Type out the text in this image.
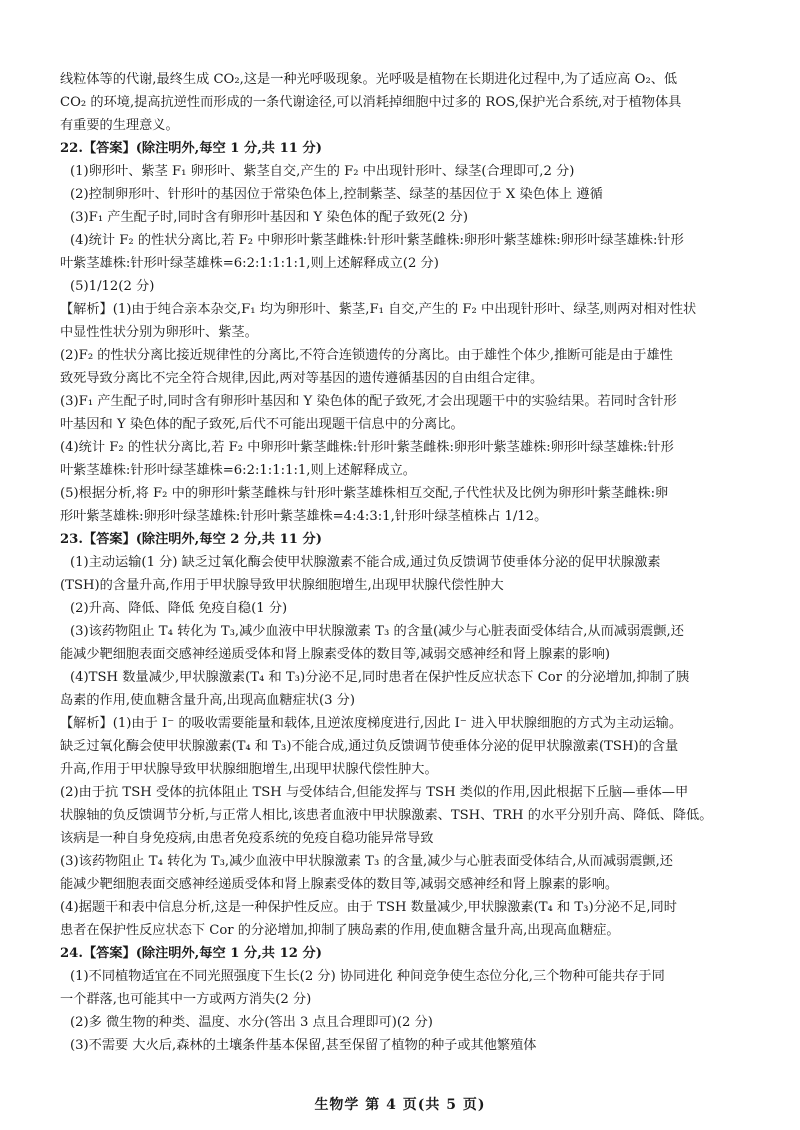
线粒体等的代谢,最终生成 CO₂,这是一种光呼吸现象。光呼吸是植物在长期进化过程中,为了适应高 O₂、低

CO₂ 的环境,提高抗逆性而形成的一条代谢途径,可以消耗掉细胞中过多的 ROS,保护光合系统,对于植物体具

有重要的生理意义。

22.【答案】(除注明外,每空 1 分,共 11 分)

(1)卵形叶、紫茎 F₁ 卵形叶、紫茎自交,产生的 F₂ 中出现针形叶、绿茎(合理即可,2 分)

(2)控制卵形叶、针形叶的基因位于常染色体上,控制紫茎、绿茎的基因位于 X 染色体上 遵循

(3)F₁ 产生配子时,同时含有卵形叶基因和 Y 染色体的配子致死(2 分)

(4)统计 F₂ 的性状分离比,若 F₂ 中卵形叶紫茎雌株:针形叶紫茎雌株:卵形叶紫茎雄株:卵形叶绿茎雄株:针形

叶紫茎雄株:针形叶绿茎雄株=6:2:1:1:1:1,则上述解释成立(2 分)

(5)1/12(2 分)

【解析】(1)由于纯合亲本杂交,F₁ 均为卵形叶、紫茎,F₁ 自交,产生的 F₂ 中出现针形叶、绿茎,则两对相对性状

中显性性状分别为卵形叶、紫茎。

(2)F₂ 的性状分离比接近规律性的分离比,不符合连锁遗传的分离比。由于雄性个体少,推断可能是由于雄性

致死导致分离比不完全符合规律,因此,两对等基因的遗传遵循基因的自由组合定律。

(3)F₁ 产生配子时,同时含有卵形叶基因和 Y 染色体的配子致死,才会出现题干中的实验结果。若同时含针形

叶基因和 Y 染色体的配子致死,后代不可能出现题干信息中的分离比。

(4)统计 F₂ 的性状分离比,若 F₂ 中卵形叶紫茎雌株:针形叶紫茎雌株:卵形叶紫茎雄株:卵形叶绿茎雄株:针形

叶紫茎雄株:针形叶绿茎雄株=6:2:1:1:1:1,则上述解释成立。

(5)根据分析,将 F₂ 中的卵形叶紫茎雌株与针形叶紫茎雄株相互交配,子代性状及比例为卵形叶紫茎雌株:卵

形叶紫茎雄株:卵形叶绿茎雄株:针形叶紫茎雄株=4:4:3:1,针形叶绿茎植株占 1/12。

23.【答案】(除注明外,每空 2 分,共 11 分)

(1)主动运输(1 分) 缺乏过氧化酶会使甲状腺激素不能合成,通过负反馈调节使垂体分泌的促甲状腺激素

(TSH)的含量升高,作用于甲状腺导致甲状腺细胞增生,出现甲状腺代偿性肿大

(2)升高、降低、降低 免疫自稳(1 分)

(3)该药物阻止 T₄ 转化为 T₃,减少血液中甲状腺激素 T₃ 的含量(减少与心脏表面受体结合,从而减弱震颤,还

能减少靶细胞表面交感神经递质受体和肾上腺素受体的数目等,减弱交感神经和肾上腺素的影响)

(4)TSH 数量减少,甲状腺激素(T₄ 和 T₃)分泌不足,同时患者在保护性反应状态下 Cor 的分泌增加,抑制了胰

岛素的作用,使血糖含量升高,出现高血糖症状(3 分)

【解析】(1)由于 I⁻ 的吸收需要能量和载体,且逆浓度梯度进行,因此 I⁻ 进入甲状腺细胞的方式为主动运输。

缺乏过氧化酶会使甲状腺激素(T₄ 和 T₃)不能合成,通过负反馈调节使垂体分泌的促甲状腺激素(TSH)的含量

升高,作用于甲状腺导致甲状腺细胞增生,出现甲状腺代偿性肿大。

(2)由于抗 TSH 受体的抗体阻止 TSH 与受体结合,但能发挥与 TSH 类似的作用,因此根据下丘脑—垂体—甲

状腺轴的负反馈调节分析,与正常人相比,该患者血液中甲状腺激素、TSH、TRH 的水平分别升高、降低、降低。

该病是一种自身免疫病,由患者免疫系统的免疫自稳功能异常导致

(3)该药物阻止 T₄ 转化为 T₃,减少血液中甲状腺激素 T₃ 的含量,减少与心脏表面受体结合,从而减弱震颤,还

能减少靶细胞表面交感神经递质受体和肾上腺素受体的数目等,减弱交感神经和肾上腺素的影响。

(4)据题干和表中信息分析,这是一种保护性反应。由于 TSH 数量减少,甲状腺激素(T₄ 和 T₃)分泌不足,同时

患者在保护性反应状态下 Cor 的分泌增加,抑制了胰岛素的作用,使血糖含量升高,出现高血糖症。

24.【答案】(除注明外,每空 1 分,共 12 分)

(1)不同植物适宜在不同光照强度下生长(2 分) 协同进化 种间竞争使生态位分化,三个物种可能共存于同

一个群落,也可能其中一方或两方消失(2 分)

(2)多 微生物的种类、温度、水分(答出 3 点且合理即可)(2 分)

(3)不需要 大火后,森林的土壤条件基本保留,甚至保留了植物的种子或其他繁殖体

生物学 第 4 页(共 5 页)
